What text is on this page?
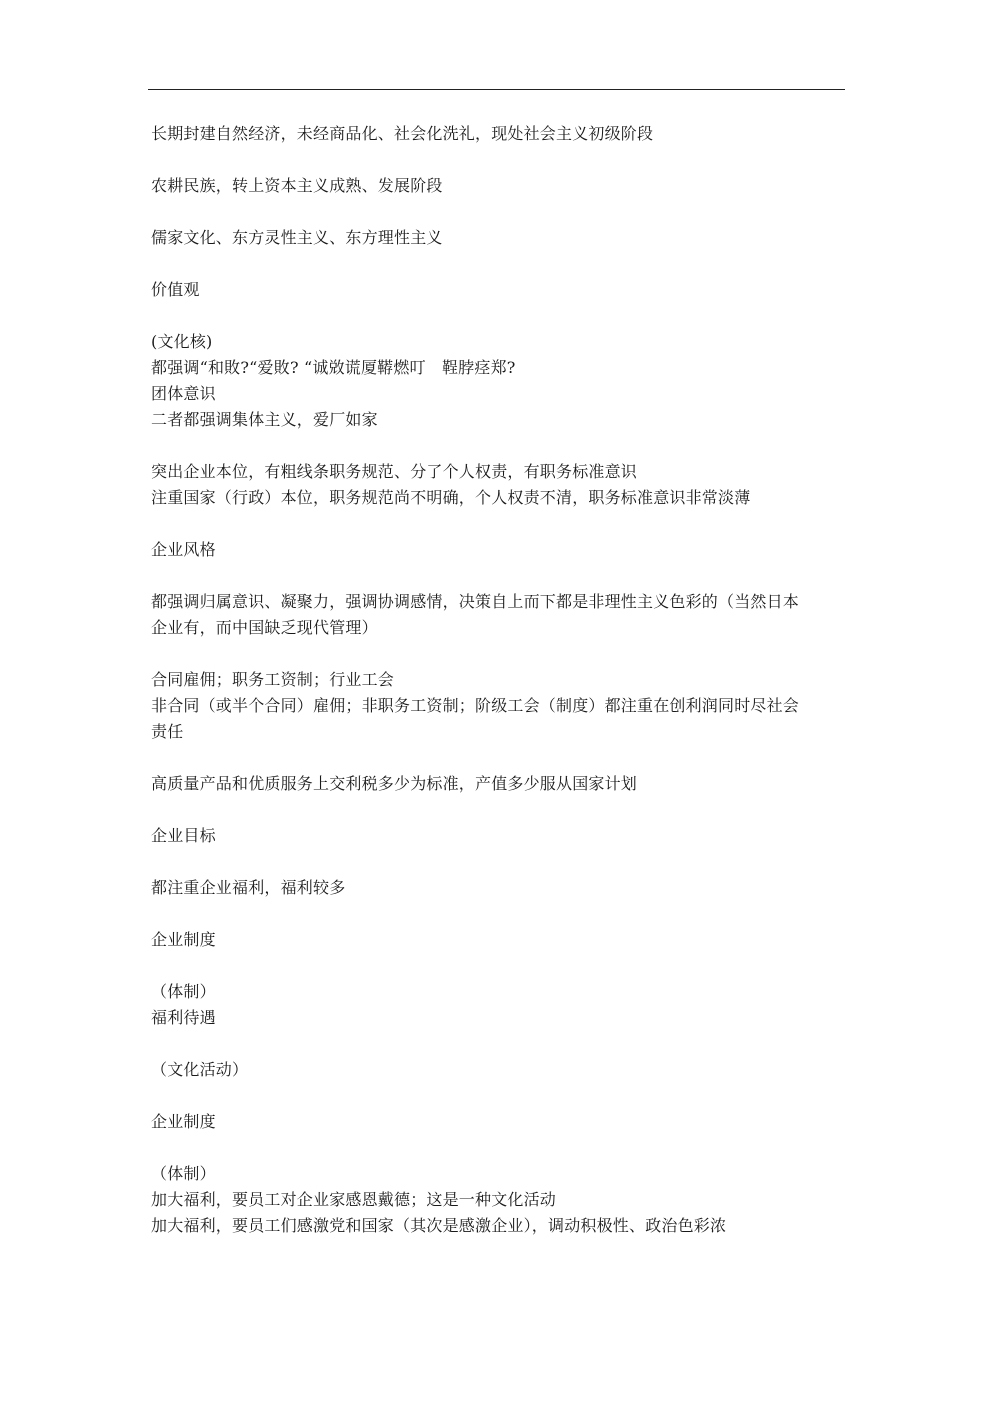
长期封建自然经济，未经商品化、社会化洗礼，现处社会主义初级阶段
农耕民族，转上资本主义成熟、发展阶段
儒家文化、东方灵性主义、东方理性主义
价值观
(文化核)
都强调“和敗?“爱敗? “诚敚谎厦鞯燃叮　鞓脖痉郑?
团体意识
二者都强调集体主义，爱厂如家
突出企业本位，有粗线条职务规范、分了个人权责，有职务标准意识
注重国家（行政）本位，职务规范尚不明确，个人权责不清，职务标准意识非常淡薄
企业风格
都强调归属意识、凝聚力，强调协调感情，决策自上而下都是非理性主义色彩的（当然日本
企业有，而中国缺乏现代管理）
合同雇佣；职务工资制；行业工会
非合同（或半个合同）雇佣；非职务工资制；阶级工会（制度）都注重在创利润同时尽社会
责任
高质量产品和优质服务上交利税多少为标准，产值多少服从国家计划
企业目标
都注重企业福利，福利较多
企业制度
（体制）
福利待遇
（文化活动）
企业制度
（体制）
加大福利，要员工对企业家感恩戴德；这是一种文化活动
加大福利，要员工们感激党和国家（其次是感激企业），调动积极性、政治色彩浓
